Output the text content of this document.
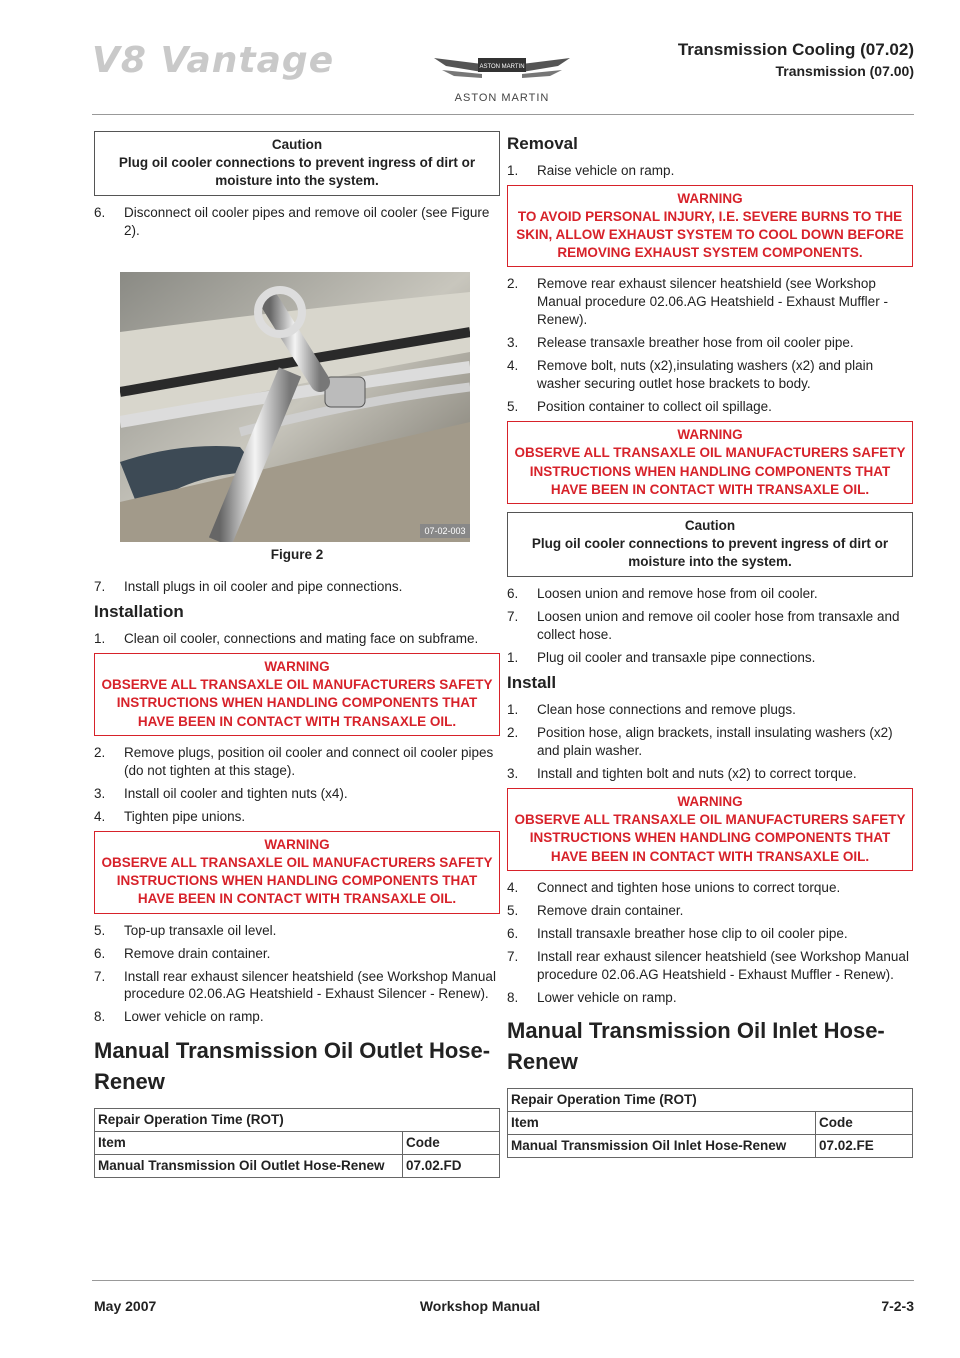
V8 Vantage	ASTON MARTIN
ASTON MARTIN
Transmission Cooling (07.02)
Transmission (07.00)
Caution
Plug oil cooler connections to prevent ingress of dirt or moisture into the system.
6. Disconnect oil cooler pipes and remove oil cooler (see Figure 2).
07-02-003
Figure 2
7. Install plugs in oil cooler and pipe connections.
Installation
1. Clean oil cooler, connections and mating face on subframe.
WARNING
OBSERVE ALL TRANSAXLE OIL MANUFACTURERS SAFETY INSTRUCTIONS WHEN HANDLING COMPONENTS THAT HAVE BEEN IN CONTACT WITH TRANSAXLE OIL.
2. Remove plugs, position oil cooler and connect oil cooler pipes (do not tighten at this stage).
3. Install oil cooler and tighten nuts (x4).
4. Tighten pipe unions.
WARNING
OBSERVE ALL TRANSAXLE OIL MANUFACTURERS SAFETY INSTRUCTIONS WHEN HANDLING COMPONENTS THAT HAVE BEEN IN CONTACT WITH TRANSAXLE OIL.
5. Top-up transaxle oil level.
6. Remove drain container.
7. Install rear exhaust silencer heatshield (see Workshop Manual procedure 02.06.AG Heatshield - Exhaust Silencer - Renew).
8. Lower vehicle on ramp.
Manual Transmission Oil Outlet Hose-Renew
Repair Operation Time (ROT)	
Item	Code
Manual Transmission Oil Outlet Hose-Renew	07.02.FD
Removal
1. Raise vehicle on ramp.
WARNING
TO AVOID PERSONAL INJURY, I.E. SEVERE BURNS TO THE SKIN, ALLOW EXHAUST SYSTEM TO COOL DOWN BEFORE REMOVING EXHAUST SYSTEM COMPONENTS.
2. Remove rear exhaust silencer heatshield (see Workshop Manual procedure 02.06.AG Heatshield - Exhaust Muffler - Renew).
3. Release transaxle breather hose from oil cooler pipe.
4. Remove bolt, nuts (x2),insulating washers (x2) and plain washer securing outlet hose brackets to body.
5. Position container to collect oil spillage.
WARNING
OBSERVE ALL TRANSAXLE OIL MANUFACTURERS SAFETY INSTRUCTIONS WHEN HANDLING COMPONENTS THAT HAVE BEEN IN CONTACT WITH TRANSAXLE OIL.
Caution
Plug oil cooler connections to prevent ingress of dirt or moisture into the system.
6. Loosen union and remove hose from oil cooler.
7. Loosen union and remove oil cooler hose from transaxle and collect hose.
1. Plug oil cooler and transaxle pipe connections.
Install
1. Clean hose connections and remove plugs.
2. Position hose, align brackets, install insulating washers (x2) and plain washer.
3. Install and tighten bolt and nuts (x2) to correct torque.
WARNING
OBSERVE ALL TRANSAXLE OIL MANUFACTURERS SAFETY INSTRUCTIONS WHEN HANDLING COMPONENTS THAT HAVE BEEN IN CONTACT WITH TRANSAXLE OIL.
4. Connect and tighten hose unions to correct torque.
5. Remove drain container.
6. Install transaxle breather hose clip to oil cooler pipe.
7. Install rear exhaust silencer heatshield (see Workshop Manual procedure 02.06.AG Heatshield - Exhaust Muffler - Renew).
8. Lower vehicle on ramp.
Manual Transmission Oil Inlet Hose-Renew
Repair Operation Time (ROT)	
Item	Code
Manual Transmission Oil Inlet Hose-Renew	07.02.FE
May 2007	Workshop Manual	7-2-3
